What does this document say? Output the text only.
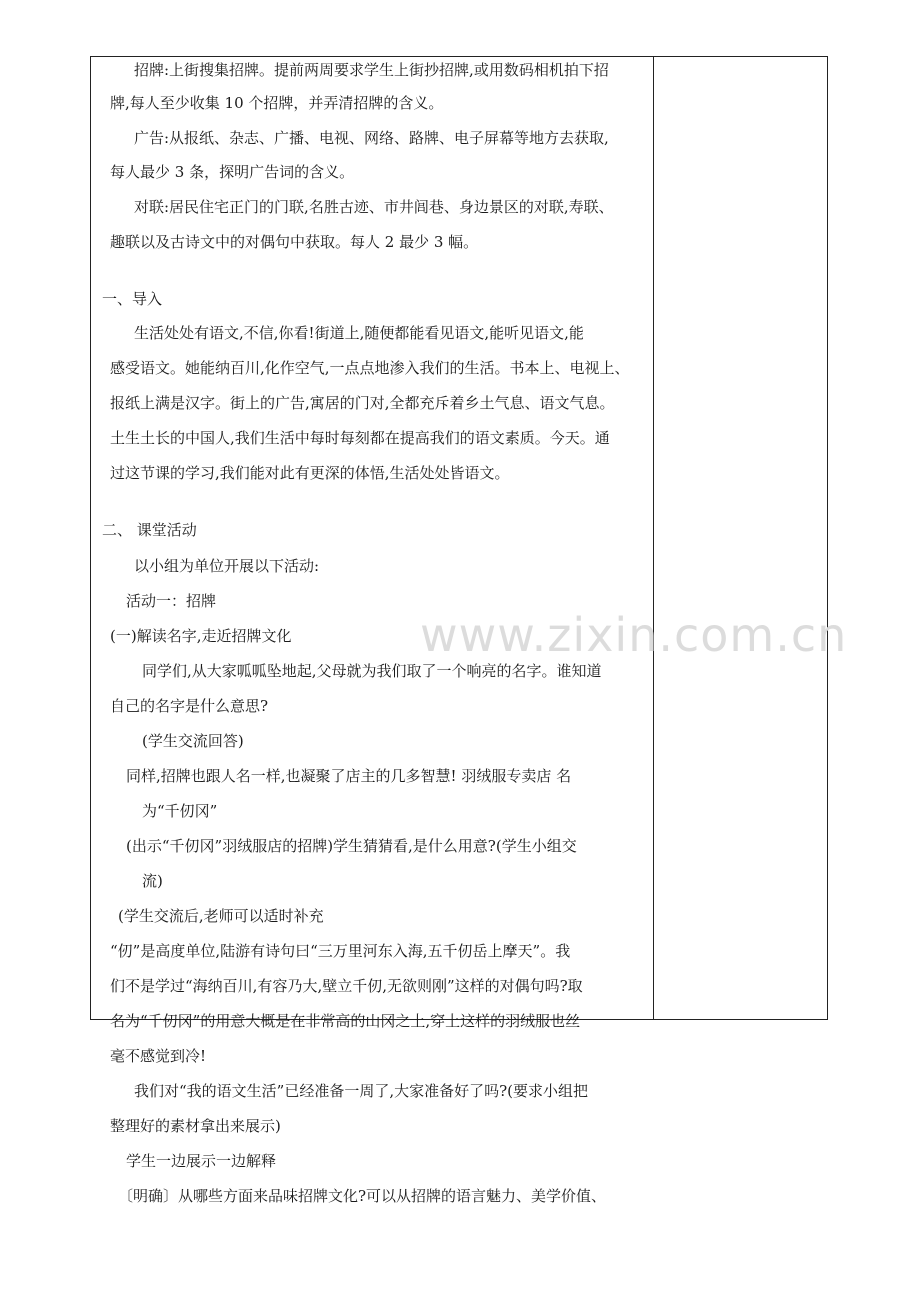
www.zixin.com.cn
招牌:上街搜集招牌。提前两周要求学生上街抄招牌,或用数码相机拍下招
牌,每人至少收集 10 个招牌，并弄清招牌的含义。
广告:从报纸、杂志、广播、电视、网络、路牌、电子屏幕等地方去获取,
每人最少 3 条，探明广告词的含义。
对联:居民住宅正门的门联,名胜古迹、市井闾巷、身边景区的对联,寿联、
趣联以及古诗文中的对偶句中获取。每人 2 最少 3 幅。
一、导入
生活处处有语文,不信,你看!街道上,随便都能看见语文,能听见语文,能
感受语文。她能纳百川,化作空气,一点点地渗入我们的生活。书本上、电视上、
报纸上满是汉字。街上的广告,寓居的门对,全都充斥着乡土气息、语文气息。
土生土长的中国人,我们生活中每时每刻都在提高我们的语文素质。今天。通
过这节课的学习,我们能对此有更深的体悟,生活处处皆语文。
二、 课堂活动
以小组为单位开展以下活动:
活动一：招牌
(一)解读名字,走近招牌文化
同学们,从大家呱呱坠地起,父母就为我们取了一个响亮的名字。谁知道
自己的名字是什么意思?
(学生交流回答)
同样,招牌也跟人名一样,也凝聚了店主的几多智慧! 羽绒服专卖店 名
为“千仞冈”
(出示“千仞冈”羽绒服店的招牌)学生猜猜看,是什么用意?(学生小组交
流)
(学生交流后,老师可以适时补充
“仞”是高度单位,陆游有诗句曰“三万里河东入海,五千仞岳上摩天”。我
们不是学过“海纳百川,有容乃大,壁立千仞,无欲则刚”这样的对偶句吗?取
名为“千仞冈”的用意大概是在非常高的山冈之上,穿上这样的羽绒服也丝
毫不感觉到冷!
我们对“我的语文生活”已经准备一周了,大家准备好了吗?(要求小组把
整理好的素材拿出来展示)
学生一边展示一边解释
〔明确〕从哪些方面来品味招牌文化?可以从招牌的语言魅力、美学价值、
